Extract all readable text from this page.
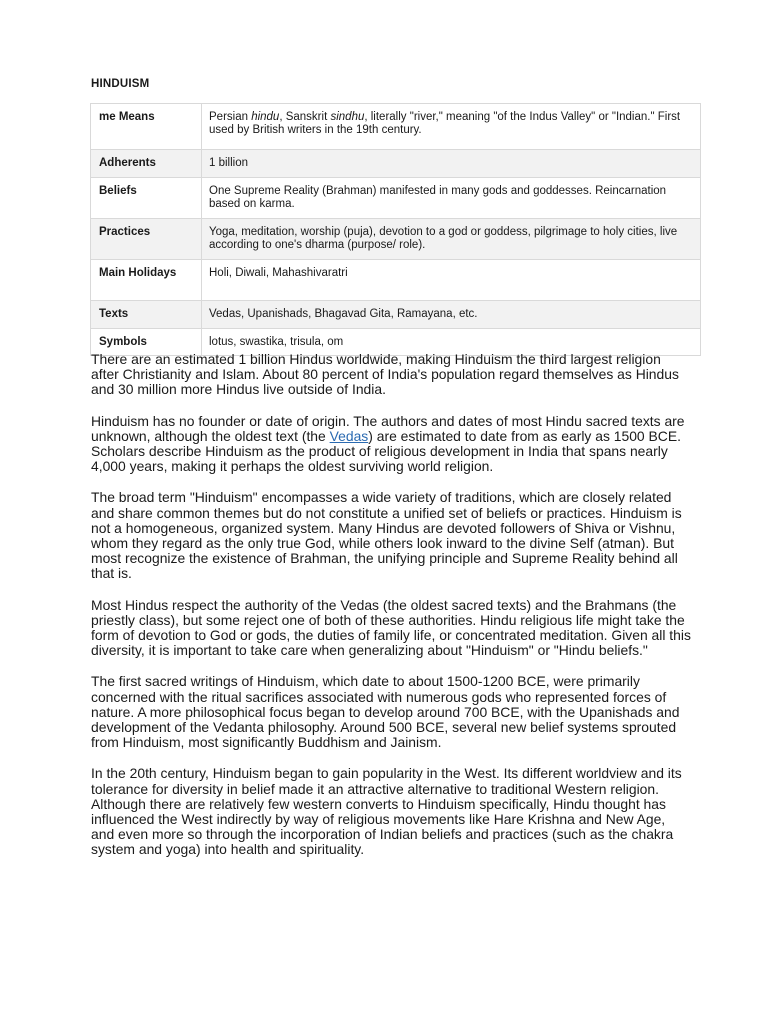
HINDUISM
me Means	Persian hindu, Sanskrit sindhu, literally "river," meaning "of the Indus Valley" or "Indian." First used by British writers in the 19th century.
Adherents	1 billion
Beliefs	One Supreme Reality (Brahman) manifested in many gods and goddesses. Reincarnation based on karma.
Practices	Yoga, meditation, worship (puja), devotion to a god or goddess, pilgrimage to holy cities, live according to one's dharma (purpose/ role).
Main Holidays	Holi, Diwali, Mahashivaratri
Texts	Vedas, Upanishads, Bhagavad Gita, Ramayana, etc.
Symbols	lotus, swastika, trisula, om

There are an estimated 1 billion Hindus worldwide, making Hinduism the third largest religion after Christianity and Islam. About 80 percent of India's population regard themselves as Hindus and 30 million more Hindus live outside of India.

Hinduism has no founder or date of origin. The authors and dates of most Hindu sacred texts are unknown, although the oldest text (the Vedas) are estimated to date from as early as 1500 BCE. Scholars describe Hinduism as the product of religious development in India that spans nearly 4,000 years, making it perhaps the oldest surviving world religion.

The broad term "Hinduism" encompasses a wide variety of traditions, which are closely related and share common themes but do not constitute a unified set of beliefs or practices. Hinduism is not a homogeneous, organized system. Many Hindus are devoted followers of Shiva or Vishnu, whom they regard as the only true God, while others look inward to the divine Self (atman). But most recognize the existence of Brahman, the unifying principle and Supreme Reality behind all that is.

Most Hindus respect the authority of the Vedas (the oldest sacred texts) and the Brahmans (the priestly class), but some reject one of both of these authorities. Hindu religious life might take the form of devotion to God or gods, the duties of family life, or concentrated meditation. Given all this diversity, it is important to take care when generalizing about "Hinduism" or "Hindu beliefs."

The first sacred writings of Hinduism, which date to about 1500-1200 BCE, were primarily concerned with the ritual sacrifices associated with numerous gods who represented forces of nature. A more philosophical focus began to develop around 700 BCE, with the Upanishads and development of the Vedanta philosophy. Around 500 BCE, several new belief systems sprouted from Hinduism, most significantly Buddhism and Jainism.

In the 20th century, Hinduism began to gain popularity in the West. Its different worldview and its tolerance for diversity in belief made it an attractive alternative to traditional Western religion. Although there are relatively few western converts to Hinduism specifically, Hindu thought has influenced the West indirectly by way of religious movements like Hare Krishna and New Age, and even more so through the incorporation of Indian beliefs and practices (such as the chakra system and yoga) into health and spirituality.
